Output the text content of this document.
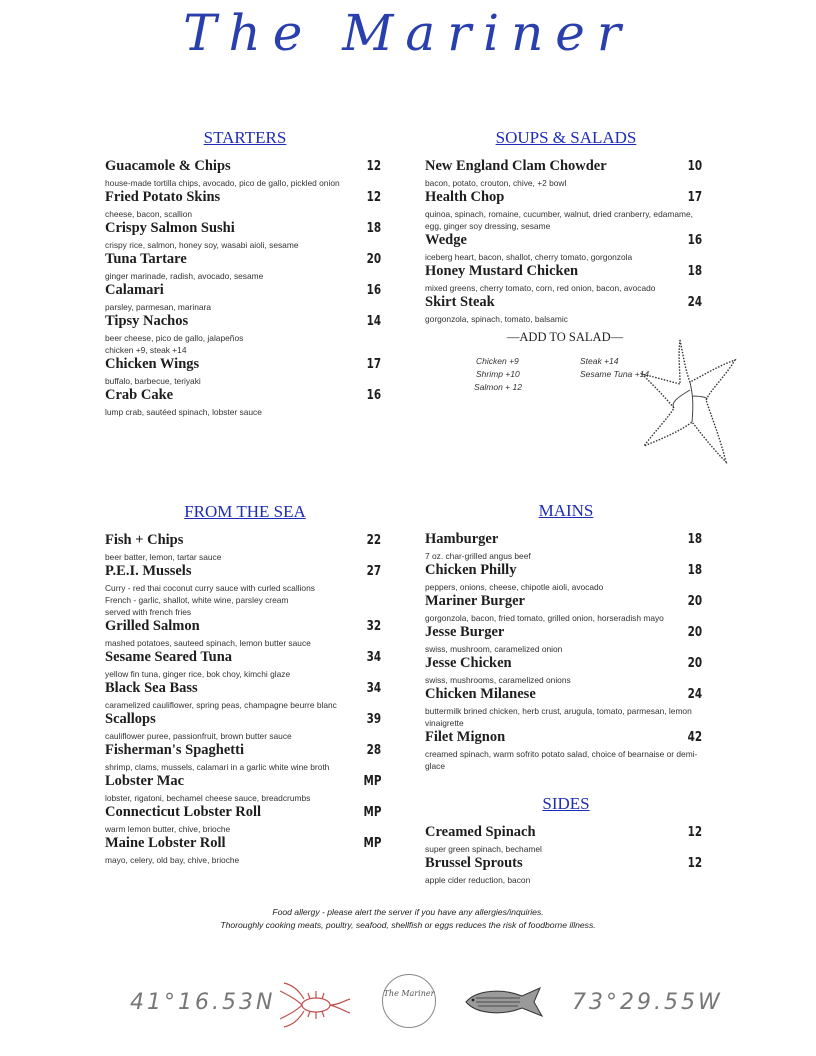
The Mariner
STARTERS	SOUPS & SALADS
FROM THE SEA	MAINS
SIDES
Guacamole & Chips	12
house-made tortilla chips, avocado, pico de gallo, pickled onion
Fried Potato Skins	12
cheese, bacon, scallion
Crispy Salmon Sushi	18
crispy rice, salmon, honey soy, wasabi aioli, sesame
Tuna Tartare	20
ginger marinade, radish, avocado, sesame
Calamari	16
parsley, parmesan, marinara
Tipsy Nachos	14
beer cheese, pico de gallo, jalapeños
chicken +9, steak +14
Chicken Wings	17
buffalo, barbecue, teriyaki
Crab Cake	16
lump crab, sautéed spinach, lobster sauce
New England Clam Chowder	10
bacon, potato, crouton, chive, +2 bowl
Health Chop	17
quinoa, spinach, romaine, cucumber, walnut, dried cranberry, edamame, egg, ginger soy dressing, sesame
Wedge	16
iceberg heart, bacon, shallot, cherry tomato, gorgonzola
Honey Mustard Chicken	18
mixed greens, cherry tomato, corn, red onion, bacon, avocado
Skirt Steak	24
gorgonzola, spinach, tomato, balsamic
Fish + Chips	22
beer batter, lemon, tartar sauce
P.E.I. Mussels	27
Curry - red thai coconut curry sauce with curled scallions
French - garlic, shallot, white wine, parsley cream
served with french fries
Grilled Salmon	32
mashed potatoes, sauteed spinach, lemon butter sauce
Sesame Seared Tuna	34
yellow fin tuna, ginger rice, bok choy, kimchi glaze
Black Sea Bass	34
caramelized cauliflower, spring peas, champagne beurre blanc
Scallops	39
cauliflower puree, passionfruit, brown butter sauce
Fisherman's Spaghetti	28
shrimp, clams, mussels, calamari in a garlic white wine broth
Lobster Mac	MP
lobster, rigatoni, bechamel cheese sauce, breadcrumbs
Connecticut Lobster Roll	MP
warm lemon butter, chive, brioche
Maine Lobster Roll	MP
mayo, celery, old bay, chive, brioche
Hamburger	18
7 oz. char-grilled angus beef
Chicken Philly	18
peppers, onions, cheese, chipotle aioli, avocado
Mariner Burger	20
gorgonzola, bacon, fried tomato, grilled onion, horseradish mayo
Jesse Burger	20
swiss, mushroom, caramelized onion
Jesse Chicken	20
swiss, mushrooms, caramelized onions
Chicken Milanese	24
buttermilk brined chicken, herb crust, arugula, tomato, parmesan, lemon vinaigrette
Filet Mignon	42
creamed spinach, warm sofrito potato salad, choice of bearnaise or demi-glace
Creamed Spinach	12
super green spinach, bechamel
Brussel Sprouts	12
apple cider reduction, bacon
—ADD TO SALAD—
Chicken +9	Steak +14
Shrimp +10	Sesame Tuna +14
Salmon + 12
Food allergy - please alert the server if you have any allergies/inquiries.
Thoroughly cooking meats, poultry, seafood, shellfish or eggs reduces the risk of foodborne illness.
41°16.53N	The Mariner	73°29.55W
